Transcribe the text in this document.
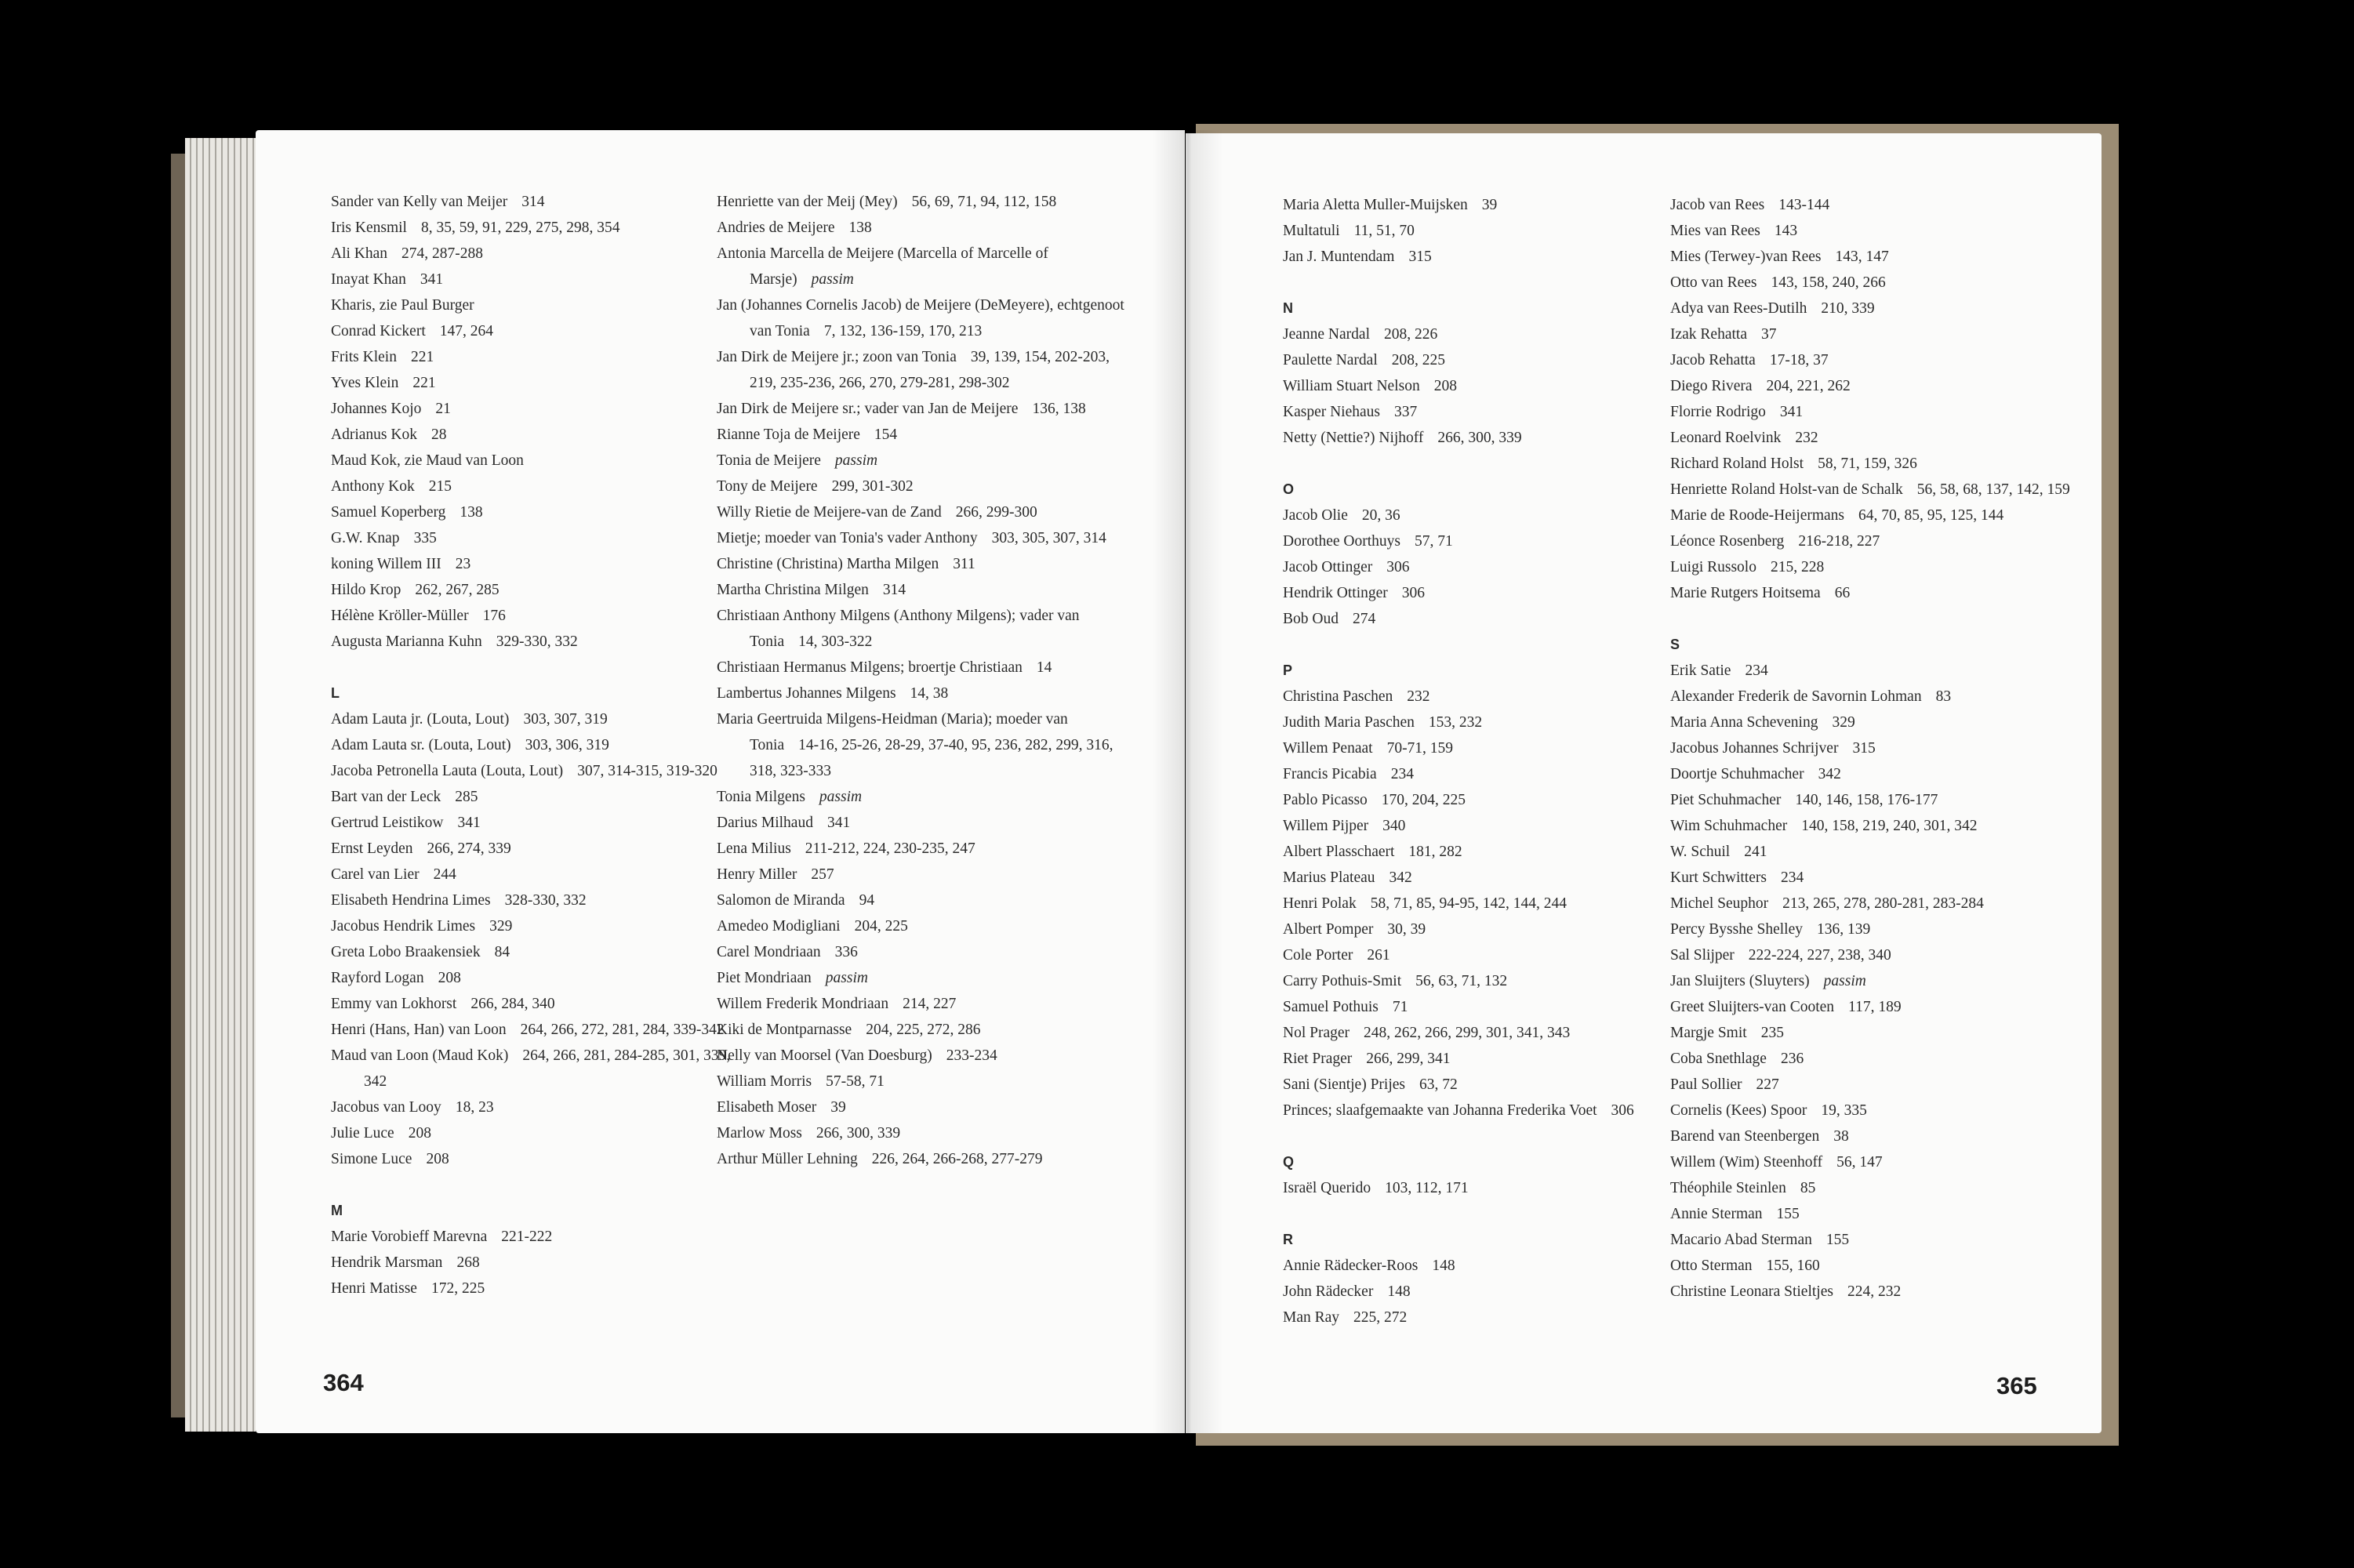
Sander van Kelly van Meijer 314
Iris Kensmil 8, 35, 59, 91, 229, 275, 298, 354
Ali Khan 274, 287-288
Inayat Khan 341
Kharis, zie Paul Burger
Conrad Kickert 147, 264
Frits Klein 221
Yves Klein 221
Johannes Kojo 21
Adrianus Kok 28
Maud Kok, zie Maud van Loon
Anthony Kok 215
Samuel Koperberg 138
G.W. Knap 335
koning Willem III 23
Hildo Krop 262, 267, 285
Hélène Kröller-Müller 176
Augusta Marianna Kuhn 329-330, 332
L
Adam Lauta jr. (Louta, Lout) 303, 307, 319
Adam Lauta sr. (Louta, Lout) 303, 306, 319
Jacoba Petronella Lauta (Louta, Lout) 307, 314-315, 319-320
Bart van der Leck 285
Gertrud Leistikow 341
Ernst Leyden 266, 274, 339
Carel van Lier 244
Elisabeth Hendrina Limes 328-330, 332
Jacobus Hendrik Limes 329
Greta Lobo Braakensiek 84
Rayford Logan 208
Emmy van Lokhorst 266, 284, 340
Henri (Hans, Han) van Loon 264, 266, 272, 281, 284, 339-342
Maud van Loon (Maud Kok) 264, 266, 281, 284-285, 301, 339, 342
Jacobus van Looy 18, 23
Julie Luce 208
Simone Luce 208
M
Marie Vorobieff Marevna 221-222
Hendrik Marsman 268
Henri Matisse 172, 225
Henriette van der Meij (Mey) 56, 69, 71, 94, 112, 158
Andries de Meijere 138
Antonia Marcella de Meijere (Marcella of Marcelle of Marsje) passim
Jan (Johannes Cornelis Jacob) de Meijere (DeMeyere), echtgenoot van Tonia 7, 132, 136-159, 170, 213
Jan Dirk de Meijere jr.; zoon van Tonia 39, 139, 154, 202-203, 219, 235-236, 266, 270, 279-281, 298-302
Jan Dirk de Meijere sr.; vader van Jan de Meijere 136, 138
Rianne Toja de Meijere 154
Tonia de Meijere passim
Tony de Meijere 299, 301-302
Willy Rietie de Meijere-van de Zand 266, 299-300
Mietje; moeder van Tonia's vader Anthony 303, 305, 307, 314
Christine (Christina) Martha Milgen 311
Martha Christina Milgen 314
Christiaan Anthony Milgens (Anthony Milgens); vader van Tonia 14, 303-322
Christiaan Hermanus Milgens; broertje Christiaan 14
Lambertus Johannes Milgens 14, 38
Maria Geertruida Milgens-Heidman (Maria); moeder van Tonia 14-16, 25-26, 28-29, 37-40, 95, 236, 282, 299, 316, 318, 323-333
Tonia Milgens passim
Darius Milhaud 341
Lena Milius 211-212, 224, 230-235, 247
Henry Miller 257
Salomon de Miranda 94
Amedeo Modigliani 204, 225
Carel Mondriaan 336
Piet Mondriaan passim
Willem Frederik Mondriaan 214, 227
Kiki de Montparnasse 204, 225, 272, 286
Nelly van Moorsel (Van Doesburg) 233-234
William Morris 57-58, 71
Elisabeth Moser 39
Marlow Moss 266, 300, 339
Arthur Müller Lehning 226, 264, 266-268, 277-279
364
Maria Aletta Muller-Muijsken 39
Multatuli 11, 51, 70
Jan J. Muntendam 315
N
Jeanne Nardal 208, 226
Paulette Nardal 208, 225
William Stuart Nelson 208
Kasper Niehaus 337
Netty (Nettie?) Nijhoff 266, 300, 339
O
Jacob Olie 20, 36
Dorothee Oorthuys 57, 71
Jacob Ottinger 306
Hendrik Ottinger 306
Bob Oud 274
P
Christina Paschen 232
Judith Maria Paschen 153, 232
Willem Penaat 70-71, 159
Francis Picabia 234
Pablo Picasso 170, 204, 225
Willem Pijper 340
Albert Plasschaert 181, 282
Marius Plateau 342
Henri Polak 58, 71, 85, 94-95, 142, 144, 244
Albert Pomper 30, 39
Cole Porter 261
Carry Pothuis-Smit 56, 63, 71, 132
Samuel Pothuis 71
Nol Prager 248, 262, 266, 299, 301, 341, 343
Riet Prager 266, 299, 341
Sani (Sientje) Prijes 63, 72
Princes; slaafgemaakte van Johanna Frederika Voet 306
Q
Israël Querido 103, 112, 171
R
Annie Rädecker-Roos 148
John Rädecker 148
Man Ray 225, 272
Jacob van Rees 143-144
Mies van Rees 143
Mies (Terwey-)van Rees 143, 147
Otto van Rees 143, 158, 240, 266
Adya van Rees-Dutilh 210, 339
Izak Rehatta 37
Jacob Rehatta 17-18, 37
Diego Rivera 204, 221, 262
Florrie Rodrigo 341
Leonard Roelvink 232
Richard Roland Holst 58, 71, 159, 326
Henriette Roland Holst-van de Schalk 56, 58, 68, 137, 142, 159
Marie de Roode-Heijermans 64, 70, 85, 95, 125, 144
Léonce Rosenberg 216-218, 227
Luigi Russolo 215, 228
Marie Rutgers Hoitsema 66
S
Erik Satie 234
Alexander Frederik de Savornin Lohman 83
Maria Anna Schevening 329
Jacobus Johannes Schrijver 315
Doortje Schuhmacher 342
Piet Schuhmacher 140, 146, 158, 176-177
Wim Schuhmacher 140, 158, 219, 240, 301, 342
W. Schuil 241
Kurt Schwitters 234
Michel Seuphor 213, 265, 278, 280-281, 283-284
Percy Bysshe Shelley 136, 139
Sal Slijper 222-224, 227, 238, 340
Jan Sluijters (Sluyters) passim
Greet Sluijters-van Cooten 117, 189
Margje Smit 235
Coba Snethlage 236
Paul Sollier 227
Cornelis (Kees) Spoor 19, 335
Barend van Steenbergen 38
Willem (Wim) Steenhoff 56, 147
Théophile Steinlen 85
Annie Sterman 155
Macario Abad Sterman 155
Otto Sterman 155, 160
Christine Leonara Stieltjes 224, 232
365
